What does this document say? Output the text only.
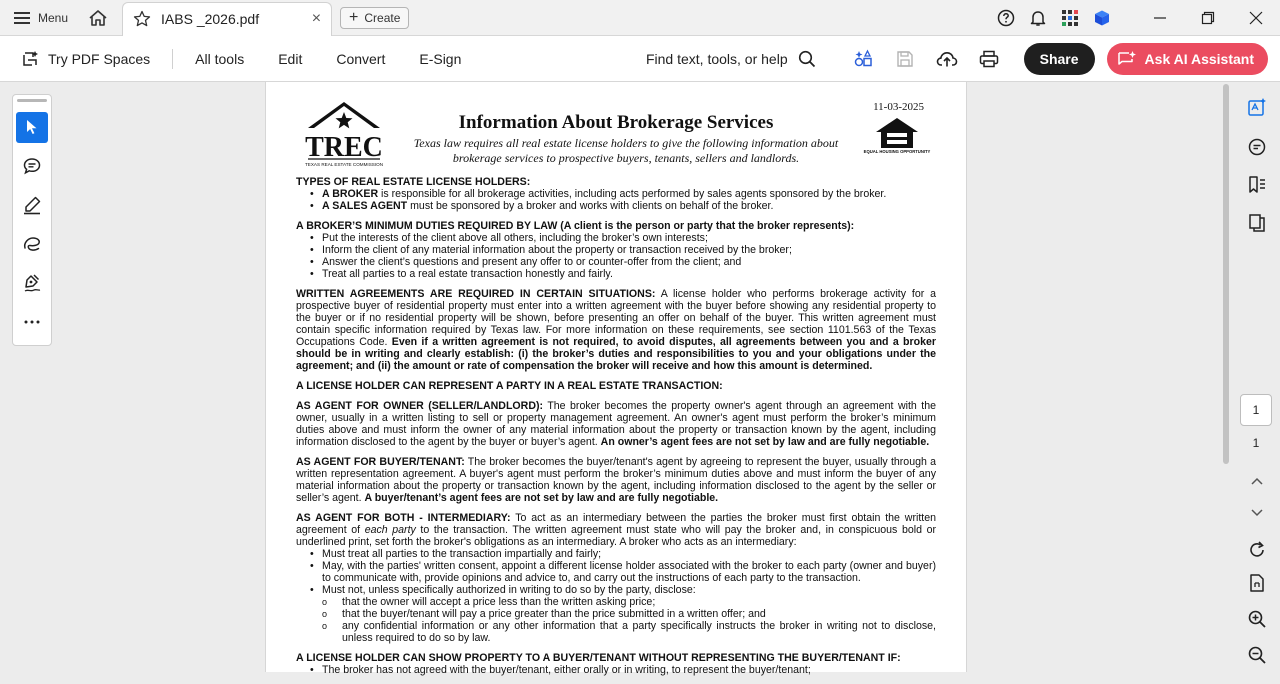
Menu	IABS _2026.pdf	× + Create
Try PDF Spaces	All tools Edit Convert E-Sign	Find text, tools, or help	Share	Ask AI Assistant
TREC
TEXAS REAL ESTATE COMMISSION
Information About Brokerage Services
Texas law requires all real estate license holders to give the following information about brokerage services to prospective buyers, tenants, sellers and landlords.
11-03-2025
EQUAL HOUSING OPPORTUNITY
TYPES OF REAL ESTATE LICENSE HOLDERS:
• A BROKER is responsible for all brokerage activities, including acts performed by sales agents sponsored by the broker.
• A SALES AGENT must be sponsored by a broker and works with clients on behalf of the broker.
A BROKER’S MINIMUM DUTIES REQUIRED BY LAW (A client is the person or party that the broker represents):
• Put the interests of the client above all others, including the broker’s own interests;
• Inform the client of any material information about the property or transaction received by the broker;
• Answer the client’s questions and present any offer to or counter-offer from the client; and
• Treat all parties to a real estate transaction honestly and fairly.
WRITTEN AGREEMENTS ARE REQUIRED IN CERTAIN SITUATIONS: A license holder who performs brokerage activity for a prospective buyer of residential property must enter into a written agreement with the buyer before showing any residential property to the buyer or if no residential property will be shown, before presenting an offer on behalf of the buyer. This written agreement must contain specific information required by Texas law. For more information on these requirements, see section 1101.563 of the Texas Occupations Code. Even if a written agreement is not required, to avoid disputes, all agreements between you and a broker should be in writing and clearly establish: (i) the broker’s duties and responsibilities to you and your obligations under the agreement; and (ii) the amount or rate of compensation the broker will receive and how this amount is determined.
A LICENSE HOLDER CAN REPRESENT A PARTY IN A REAL ESTATE TRANSACTION:
AS AGENT FOR OWNER (SELLER/LANDLORD): The broker becomes the property owner's agent through an agreement with the owner, usually in a written listing to sell or property management agreement. An owner's agent must perform the broker’s minimum duties above and must inform the owner of any material information about the property or transaction known by the agent, including information disclosed to the agent by the buyer or buyer’s agent. An owner’s agent fees are not set by law and are fully negotiable.
AS AGENT FOR BUYER/TENANT: The broker becomes the buyer/tenant's agent by agreeing to represent the buyer, usually through a written representation agreement. A buyer's agent must perform the broker’s minimum duties above and must inform the buyer of any material information about the property or transaction known by the agent, including information disclosed to the agent by the seller or seller’s agent. A buyer/tenant’s agent fees are not set by law and are fully negotiable.
AS AGENT FOR BOTH - INTERMEDIARY: To act as an intermediary between the parties the broker must first obtain the written agreement of each party to the transaction. The written agreement must state who will pay the broker and, in conspicuous bold or underlined print, set forth the broker's obligations as an intermediary. A broker who acts as an intermediary:
• Must treat all parties to the transaction impartially and fairly;
• May, with the parties' written consent, appoint a different license holder associated with the broker to each party (owner and buyer) to communicate with, provide opinions and advice to, and carry out the instructions of each party to the transaction.
• Must not, unless specifically authorized in writing to do so by the party, disclose:
o that the owner will accept a price less than the written asking price;
o that the buyer/tenant will pay a price greater than the price submitted in a written offer; and
o any confidential information or any other information that a party specifically instructs the broker in writing not to disclose, unless required to do so by law.
A LICENSE HOLDER CAN SHOW PROPERTY TO A BUYER/TENANT WITHOUT REPRESENTING THE BUYER/TENANT IF:
• The broker has not agreed with the buyer/tenant, either orally or in writing, to represent the buyer/tenant;
1
1
